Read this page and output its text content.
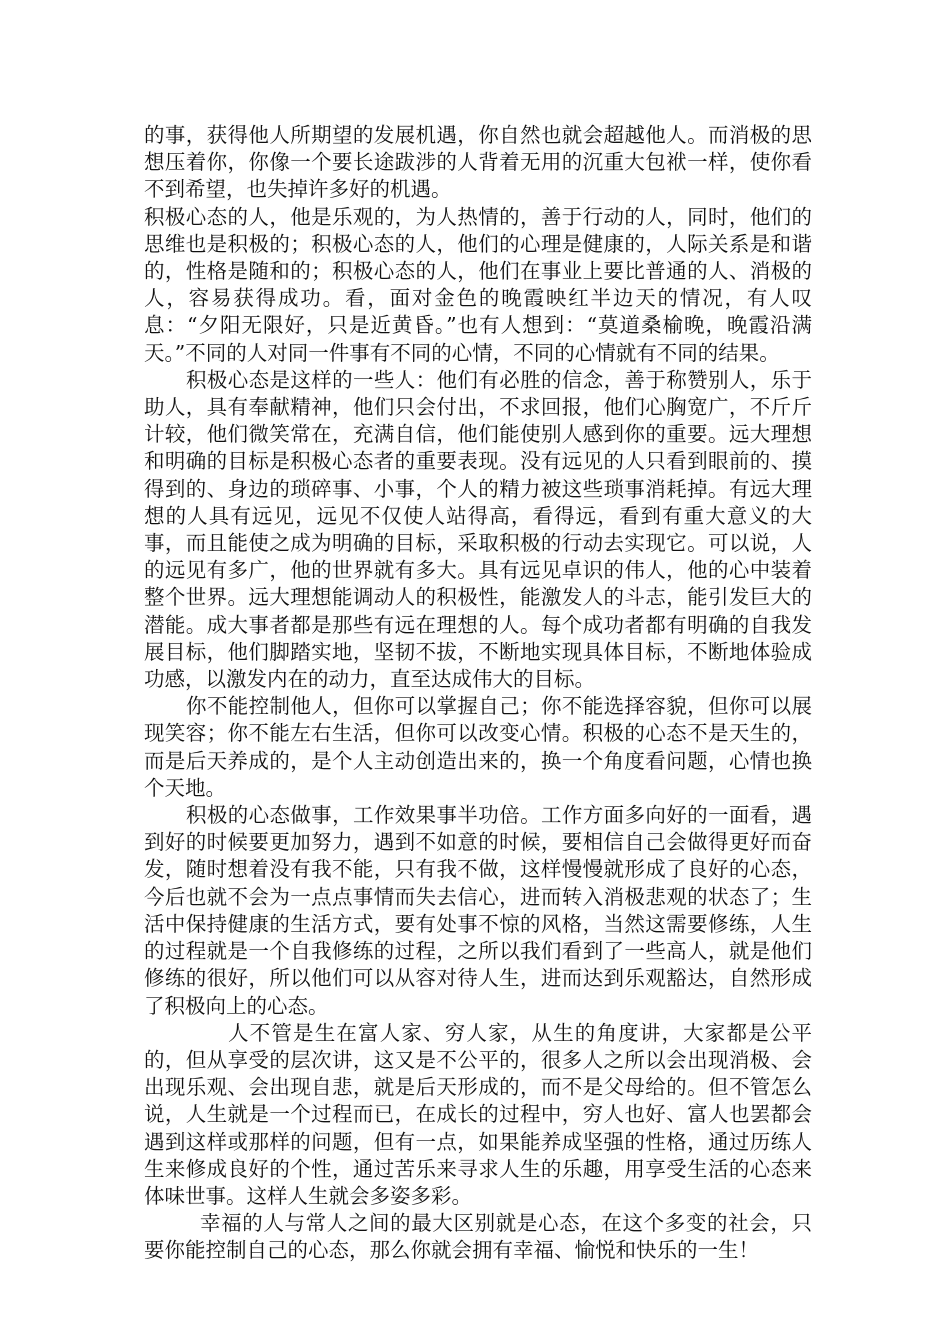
的事，获得他人所期望的发展机遇，你自然也就会超越他人。而消极的思想压着你，你像一个要长途跋涉的人背着无用的沉重大包袱一样，使你看不到希望，也失掉许多好的机遇。

积极心态的人，他是乐观的，为人热情的，善于行动的人，同时，他们的思维也是积极的；积极心态的人，他们的心理是健康的，人际关系是和谐的，性格是随和的；积极心态的人，他们在事业上要比普通的人、消极的人，容易获得成功。看，面对金色的晚霞映红半边天的情况，有人叹息：“夕阳无限好，只是近黄昏。”也有人想到：“莫道桑榆晚，晚霞沿满天。”不同的人对同一件事有不同的心情，不同的心情就有不同的结果。

积极心态是这样的一些人：他们有必胜的信念，善于称赞别人，乐于助人，具有奉献精神，他们只会付出，不求回报，他们心胸宽广，不斤斤计较，他们微笑常在，充满自信，他们能使别人感到你的重要。远大理想和明确的目标是积极心态者的重要表现。没有远见的人只看到眼前的、摸得到的、身边的琐碎事、小事，个人的精力被这些琐事消耗掉。有远大理想的人具有远见，远见不仅使人站得高，看得远，看到有重大意义的大事，而且能使之成为明确的目标，采取积极的行动去实现它。可以说，人的远见有多广，他的世界就有多大。具有远见卓识的伟人，他的心中装着整个世界。远大理想能调动人的积极性，能激发人的斗志，能引发巨大的潜能。成大事者都是那些有远在理想的人。每个成功者都有明确的自我发展目标，他们脚踏实地，坚韧不拔，不断地实现具体目标，不断地体验成功感，以激发内在的动力，直至达成伟大的目标。

你不能控制他人，但你可以掌握自己；你不能选择容貌，但你可以展现笑容；你不能左右生活，但你可以改变心情。积极的心态不是天生的，而是后天养成的，是个人主动创造出来的，换一个角度看问题，心情也换个天地。

积极的心态做事，工作效果事半功倍。工作方面多向好的一面看，遇到好的时候要更加努力，遇到不如意的时候，要相信自己会做得更好而奋发，随时想着没有我不能，只有我不做，这样慢慢就形成了良好的心态，今后也就不会为一点点事情而失去信心，进而转入消极悲观的状态了；生活中保持健康的生活方式，要有处事不惊的风格，当然这需要修练，人生的过程就是一个自我修练的过程，之所以我们看到了一些高人，就是他们修练的很好，所以他们可以从容对待人生，进而达到乐观豁达，自然形成了积极向上的心态。

人不管是生在富人家、穷人家，从生的角度讲，大家都是公平的，但从享受的层次讲，这又是不公平的，很多人之所以会出现消极、会出现乐观、会出现自悲，就是后天形成的，而不是父母给的。但不管怎么说，人生就是一个过程而已，在成长的过程中，穷人也好、富人也罢都会遇到这样或那样的问题，但有一点，如果能养成坚强的性格，通过历练人生来修成良好的个性，通过苦乐来寻求人生的乐趣，用享受生活的心态来体味世事。这样人生就会多姿多彩。

幸福的人与常人之间的最大区别就是心态，在这个多变的社会，只要你能控制自己的心态，那么你就会拥有幸福、愉悦和快乐的一生！
